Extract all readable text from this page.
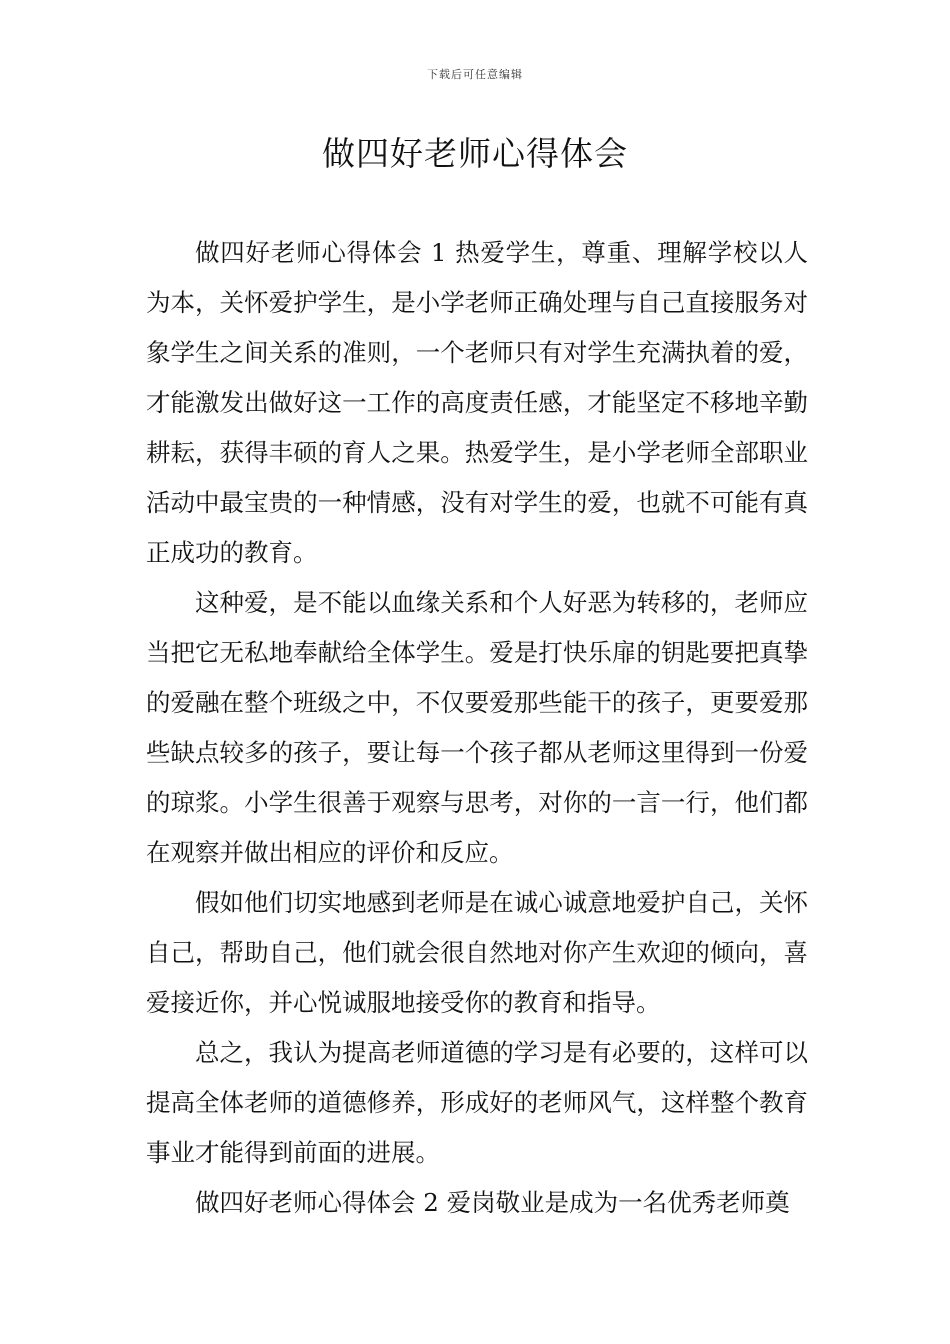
下载后可任意编辑
做四好老师心得体会

做四好老师心得体会 1 热爱学生，尊重、理解学校以人为本，关怀爱护学生，是小学老师正确处理与自己直接服务对象学生之间关系的准则，一个老师只有对学生充满执着的爱，才能激发出做好这一工作的高度责任感，才能坚定不移地辛勤耕耘，获得丰硕的育人之果。热爱学生，是小学老师全部职业活动中最宝贵的一种情感，没有对学生的爱，也就不可能有真正成功的教育。

这种爱，是不能以血缘关系和个人好恶为转移的，老师应当把它无私地奉献给全体学生。爱是打快乐扉的钥匙要把真挚的爱融在整个班级之中，不仅要爱那些能干的孩子，更要爱那些缺点较多的孩子，要让每一个孩子都从老师这里得到一份爱的琼浆。小学生很善于观察与思考，对你的一言一行，他们都在观察并做出相应的评价和反应。

假如他们切实地感到老师是在诚心诚意地爱护自己，关怀自己，帮助自己，他们就会很自然地对你产生欢迎的倾向，喜爱接近你，并心悦诚服地接受你的教育和指导。

总之，我认为提高老师道德的学习是有必要的，这样可以提高全体老师的道德修养，形成好的老师风气，这样整个教育事业才能得到前面的进展。

做四好老师心得体会 2 爱岗敬业是成为一名优秀老师奠
